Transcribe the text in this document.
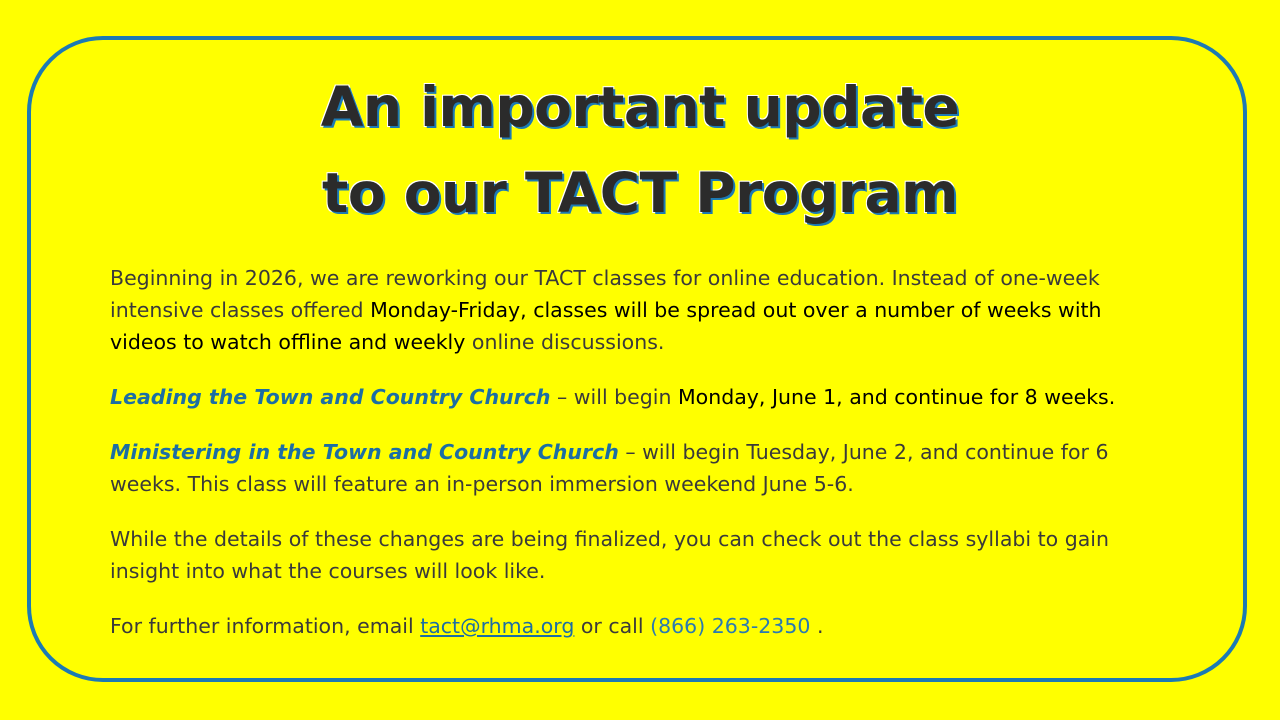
An important update
to our TACT Program

Beginning in 2026, we are reworking our TACT classes for online education. Instead of one-week intensive classes offered Monday-Friday, classes will be spread out over a number of weeks with videos to watch offline and weekly online discussions.

Leading the Town and Country Church – will begin Monday, June 1, and continue for 8 weeks.

Ministering in the Town and Country Church – will begin Tuesday, June 2, and continue for 6 weeks. This class will feature an in-person immersion weekend June 5-6.

While the details of these changes are being finalized, you can check out the class syllabi to gain insight into what the courses will look like.

For further information, email tact@rhma.org or call (866) 263-2350 .
